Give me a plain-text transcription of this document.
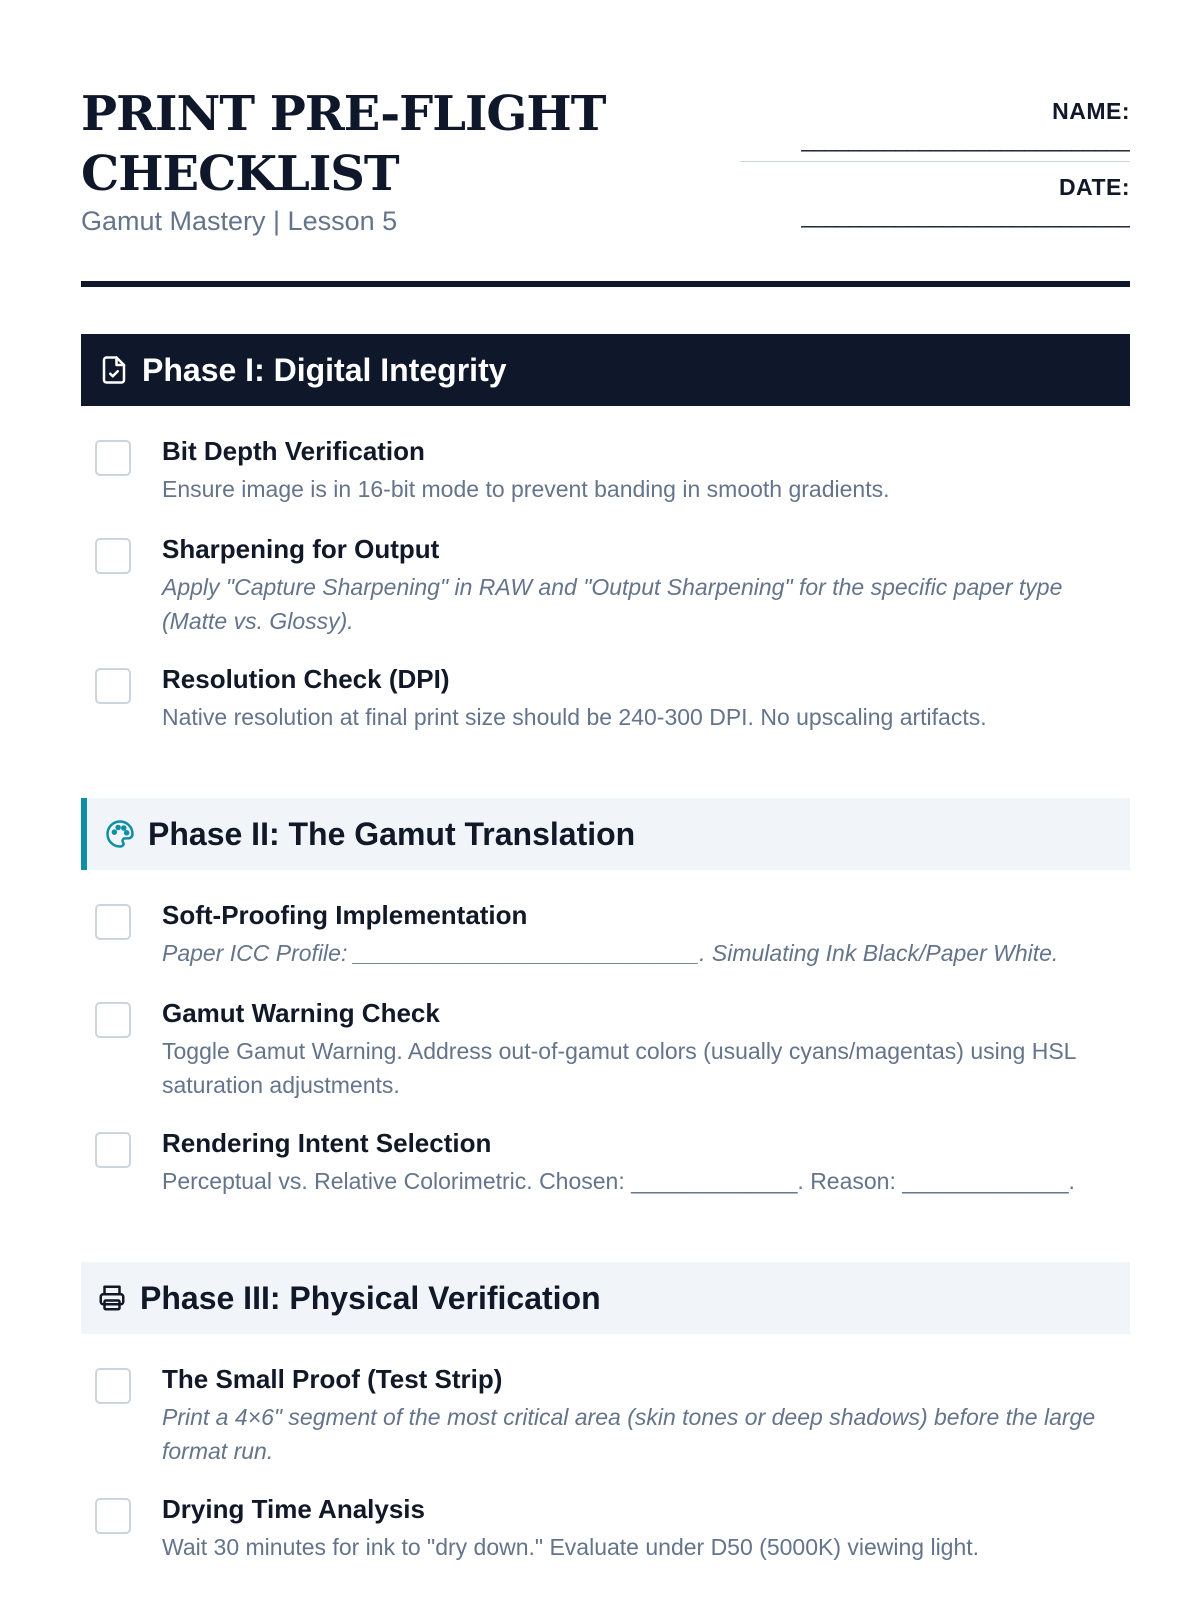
PRINT PRE-FLIGHT CHECKLIST
Gamut Mastery | Lesson 5
NAME:
____________________________
DATE:
____________________________
Phase I: Digital Integrity
Bit Depth Verification
Ensure image is in 16-bit mode to prevent banding in smooth gradients.
Sharpening for Output
Apply "Capture Sharpening" in RAW and "Output Sharpening" for the specific paper type (Matte vs. Glossy).
Resolution Check (DPI)
Native resolution at final print size should be 240-300 DPI. No upscaling artifacts.
Phase II: The Gamut Translation
Soft-Proofing Implementation
Paper ICC Profile: ___________________________. Simulating Ink Black/Paper White.
Gamut Warning Check
Toggle Gamut Warning. Address out-of-gamut colors (usually cyans/magentas) using HSL saturation adjustments.
Rendering Intent Selection
Perceptual vs. Relative Colorimetric. Chosen: _____________. Reason: _____________.
Phase III: Physical Verification
The Small Proof (Test Strip)
Print a 4×6" segment of the most critical area (skin tones or deep shadows) before the large format run.
Drying Time Analysis
Wait 30 minutes for ink to "dry down." Evaluate under D50 (5000K) viewing light.
